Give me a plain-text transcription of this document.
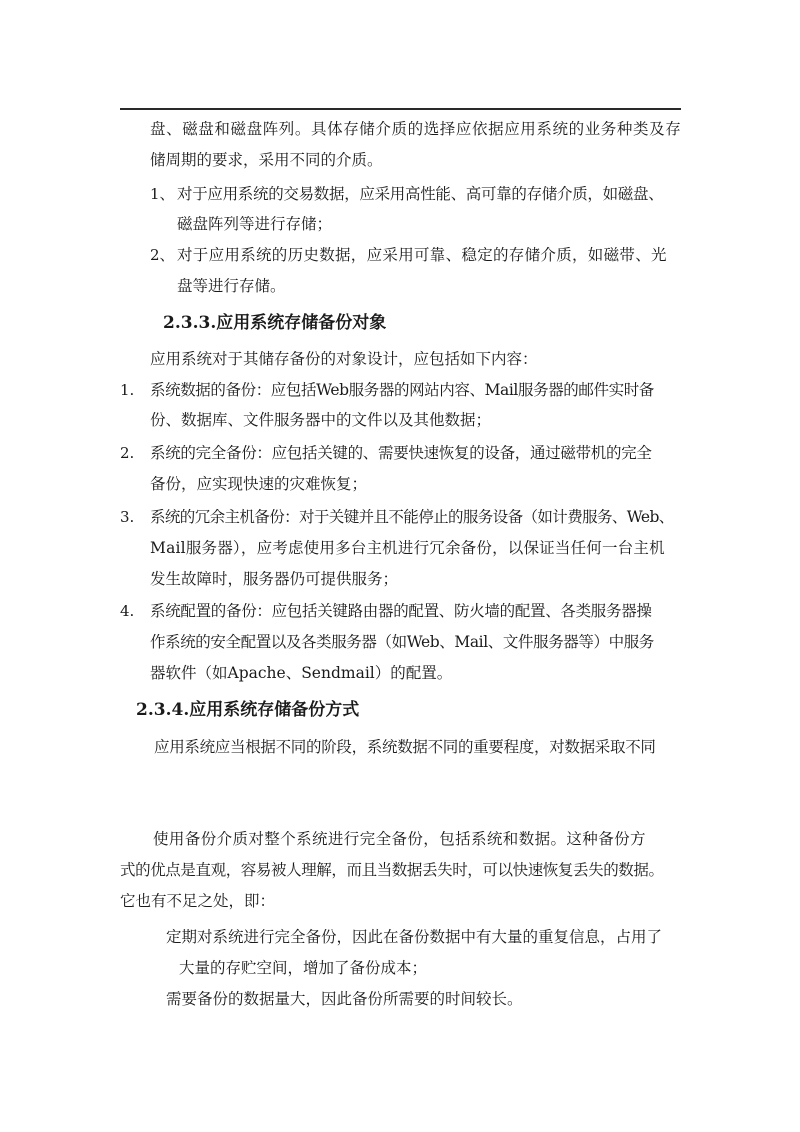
盘、磁盘和磁盘阵列。具体存储介质的选择应依据应用系统的业务种类及存
储周期的要求，采用不同的介质。
1、 对于应用系统的交易数据，应采用高性能、高可靠的存储介质，如磁盘、
磁盘阵列等进行存储；
2、 对于应用系统的历史数据，应采用可靠、稳定的存储介质，如磁带、光
盘等进行存储。
2.3.3.应用系统存储备份对象
应用系统对于其储存备份的对象设计，应包括如下内容：
1. 系统数据的备份：应包括Web服务器的网站内容、Mail服务器的邮件实时备
份、数据库、文件服务器中的文件以及其他数据；
2. 系统的完全备份：应包括关键的、需要快速恢复的设备，通过磁带机的完全
备份，应实现快速的灾难恢复；
3. 系统的冗余主机备份：对于关键并且不能停止的服务设备（如计费服务、Web、
Mail服务器），应考虑使用多台主机进行冗余备份，以保证当任何一台主机
发生故障时，服务器仍可提供服务；
4. 系统配置的备份：应包括关键路由器的配置、防火墙的配置、各类服务器操
作系统的安全配置以及各类服务器（如Web、Mail、文件服务器等）中服务
器软件（如Apache、Sendmail）的配置。
2.3.4.应用系统存储备份方式
应用系统应当根据不同的阶段，系统数据不同的重要程度，对数据采取不同
使用备份介质对整个系统进行完全备份，包括系统和数据。这种备份方
式的优点是直观，容易被人理解，而且当数据丢失时，可以快速恢复丢失的数据。
它也有不足之处，即：
定期对系统进行完全备份，因此在备份数据中有大量的重复信息，占用了
大量的存贮空间，增加了备份成本；
需要备份的数据量大，因此备份所需要的时间较长。
